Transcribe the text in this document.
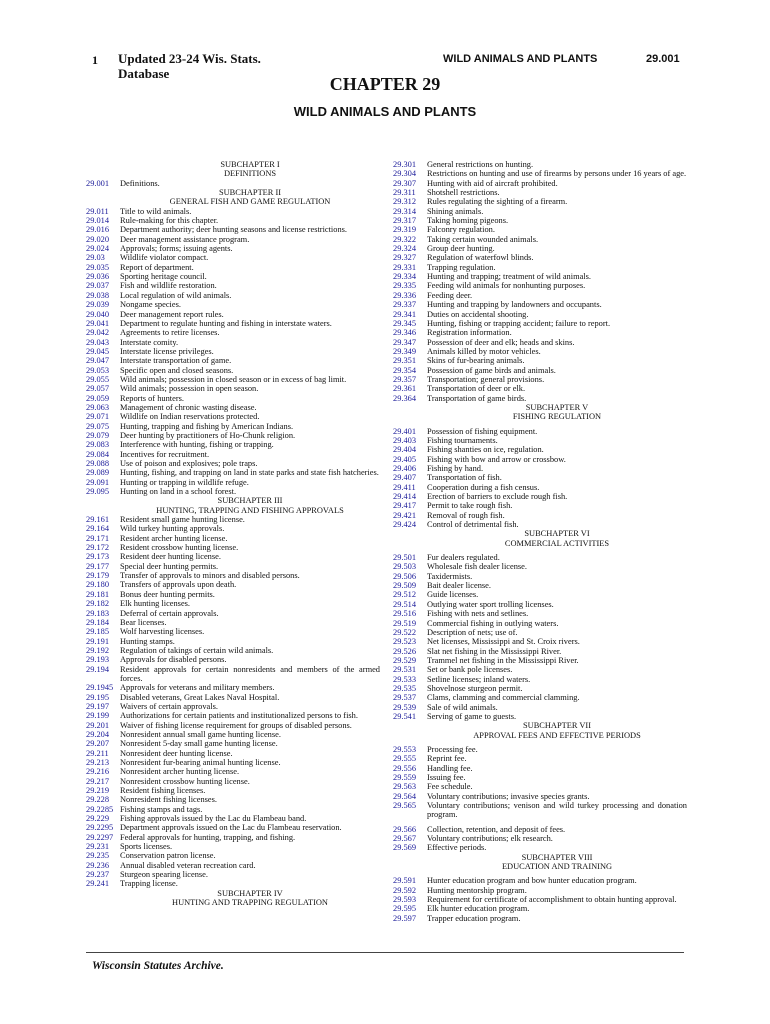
1 Updated 23-24 Wis. Stats.
Database
WILD ANIMALS AND PLANTS	29.001
CHAPTER 29
WILD ANIMALS AND PLANTS
SUBCHAPTER I
DEFINITIONS
29.001	Definitions.
SUBCHAPTER II
GENERAL FISH AND GAME REGULATION
29.011	Title to wild animals.
29.014	Rule-making for this chapter.
29.016	Department authority; deer hunting seasons and license restrictions.
29.020	Deer management assistance program.
29.024	Approvals; forms; issuing agents.
29.03	Wildlife violator compact.
29.035	Report of department.
29.036	Sporting heritage council.
29.037	Fish and wildlife restoration.
29.038	Local regulation of wild animals.
29.039	Nongame species.
29.040	Deer management report rules.
29.041	Department to regulate hunting and fishing in interstate waters.
29.042	Agreements to retire licenses.
29.043	Interstate comity.
29.045	Interstate license privileges.
29.047	Interstate transportation of game.
29.053	Specific open and closed seasons.
29.055	Wild animals; possession in closed season or in excess of bag limit.
29.057	Wild animals; possession in open season.
29.059	Reports of hunters.
29.063	Management of chronic wasting disease.
29.071	Wildlife on Indian reservations protected.
29.075	Hunting, trapping and fishing by American Indians.
29.079	Deer hunting by practitioners of Ho-Chunk religion.
29.083	Interference with hunting, fishing or trapping.
29.084	Incentives for recruitment.
29.088	Use of poison and explosives; pole traps.
29.089	Hunting, fishing, and trapping on land in state parks and state fish hatcheries.
29.091	Hunting or trapping in wildlife refuge.
29.095	Hunting on land in a school forest.
SUBCHAPTER III
HUNTING, TRAPPING AND FISHING APPROVALS
29.161	Resident small game hunting license.
29.164	Wild turkey hunting approvals.
29.171	Resident archer hunting license.
29.172	Resident crossbow hunting license.
29.173	Resident deer hunting license.
29.177	Special deer hunting permits.
29.179	Transfer of approvals to minors and disabled persons.
29.180	Transfers of approvals upon death.
29.181	Bonus deer hunting permits.
29.182	Elk hunting licenses.
29.183	Deferral of certain approvals.
29.184	Bear licenses.
29.185	Wolf harvesting licenses.
29.191	Hunting stamps.
29.192	Regulation of takings of certain wild animals.
29.193	Approvals for disabled persons.
29.194	Resident approvals for certain nonresidents and members of the armed forces.
29.1945 Approvals for veterans and military members.
29.195	Disabled veterans, Great Lakes Naval Hospital.
29.197	Waivers of certain approvals.
29.199	Authorizations for certain patients and institutionalized persons to fish.
29.201	Waiver of fishing license requirement for groups of disabled persons.
29.204	Nonresident annual small game hunting license.
29.207	Nonresident 5-day small game hunting license.
29.211	Nonresident deer hunting license.
29.213	Nonresident fur-bearing animal hunting license.
29.216	Nonresident archer hunting license.
29.217	Nonresident crossbow hunting license.
29.219	Resident fishing licenses.
29.228	Nonresident fishing licenses.
29.2285 Fishing stamps and tags.
29.229	Fishing approvals issued by the Lac du Flambeau band.
29.2295 Department approvals issued on the Lac du Flambeau reservation.
29.2297 Federal approvals for hunting, trapping, and fishing.
29.231	Sports licenses.
29.235	Conservation patron license.
29.236	Annual disabled veteran recreation card.
29.237	Sturgeon spearing license.
29.241	Trapping license.
SUBCHAPTER IV
HUNTING AND TRAPPING REGULATION
29.301	General restrictions on hunting.
29.304	Restrictions on hunting and use of firearms by persons under 16 years of age.
29.307	Hunting with aid of aircraft prohibited.
29.311	Shotshell restrictions.
29.312	Rules regulating the sighting of a firearm.
29.314	Shining animals.
29.317	Taking homing pigeons.
29.319	Falconry regulation.
29.322	Taking certain wounded animals.
29.324	Group deer hunting.
29.327	Regulation of waterfowl blinds.
29.331	Trapping regulation.
29.334	Hunting and trapping; treatment of wild animals.
29.335	Feeding wild animals for nonhunting purposes.
29.336	Feeding deer.
29.337	Hunting and trapping by landowners and occupants.
29.341	Duties on accidental shooting.
29.345	Hunting, fishing or trapping accident; failure to report.
29.346	Registration information.
29.347	Possession of deer and elk; heads and skins.
29.349	Animals killed by motor vehicles.
29.351	Skins of fur-bearing animals.
29.354	Possession of game birds and animals.
29.357	Transportation; general provisions.
29.361	Transportation of deer or elk.
29.364	Transportation of game birds.
SUBCHAPTER V
FISHING REGULATION
29.401	Possession of fishing equipment.
29.403	Fishing tournaments.
29.404	Fishing shanties on ice, regulation.
29.405	Fishing with bow and arrow or crossbow.
29.406	Fishing by hand.
29.407	Transportation of fish.
29.411	Cooperation during a fish census.
29.414	Erection of barriers to exclude rough fish.
29.417	Permit to take rough fish.
29.421	Removal of rough fish.
29.424	Control of detrimental fish.
SUBCHAPTER VI
COMMERCIAL ACTIVITIES
29.501	Fur dealers regulated.
29.503	Wholesale fish dealer license.
29.506	Taxidermists.
29.509	Bait dealer license.
29.512	Guide licenses.
29.514	Outlying water sport trolling licenses.
29.516	Fishing with nets and setlines.
29.519	Commercial fishing in outlying waters.
29.522	Description of nets; use of.
29.523	Net licenses, Mississippi and St. Croix rivers.
29.526	Slat net fishing in the Mississippi River.
29.529	Trammel net fishing in the Mississippi River.
29.531	Set or bank pole licenses.
29.533	Setline licenses; inland waters.
29.535	Shovelnose sturgeon permit.
29.537	Clams, clamming and commercial clamming.
29.539	Sale of wild animals.
29.541	Serving of game to guests.
SUBCHAPTER VII
APPROVAL FEES AND EFFECTIVE PERIODS
29.553	Processing fee.
29.555	Reprint fee.
29.556	Handling fee.
29.559	Issuing fee.
29.563	Fee schedule.
29.564	Voluntary contributions; invasive species grants.
29.565	Voluntary contributions; venison and wild turkey processing and donation program.
29.566	Collection, retention, and deposit of fees.
29.567	Voluntary contributions; elk research.
29.569	Effective periods.
SUBCHAPTER VIII
EDUCATION AND TRAINING
29.591	Hunter education program and bow hunter education program.
29.592	Hunting mentorship program.
29.593	Requirement for certificate of accomplishment to obtain hunting approval.
29.595	Elk hunter education program.
29.597	Trapper education program.
Wisconsin Statutes Archive.
